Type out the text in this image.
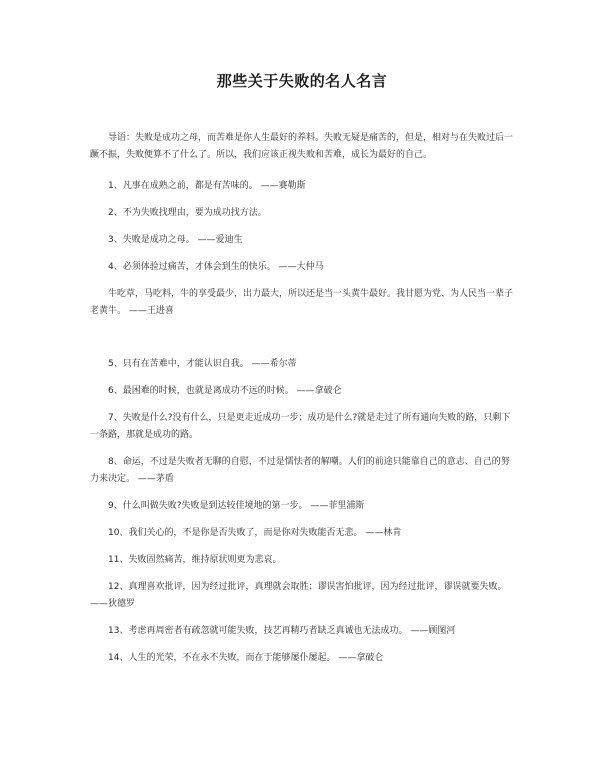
那些关于失败的名人名言

导语：失败是成功之母，而苦难是你人生最好的养料。失败无疑是痛苦的，但是，相对与在失败过后一蹶不振，失败便算不了什么了。所以，我们应该正视失败和苦难，成长为最好的自己。

1、凡事在成熟之前，都是有苦味的。 ——赛勒斯

2、不为失败找理由，要为成功找方法。

3、失败是成功之母。 ——爱迪生

4、必须体验过痛苦，才体会到生的快乐。 ——大仲马

牛吃草，马吃料，牛的享受最少，出力最大，所以还是当一头黄牛最好。我甘愿为党、为人民当一辈子老黄牛。 ——王进喜

5、只有在苦难中，才能认识自我。 ——希尔蒂

6、最困难的时候，也就是离成功不远的时候。 ——拿破仑

7、失败是什么?没有什么，只是更走近成功一步；成功是什么?就是走过了所有通向失败的路，只剩下一条路，那就是成功的路。

8、命运，不过是失败者无聊的自慰，不过是懦怯者的解嘲。人们的前途只能靠自己的意志、自己的努力来决定。 ——茅盾

9、什么叫做失败?失败是到达较佳境地的第一步。 ——菲里浦斯

10、我们关心的，不是你是否失败了，而是你对失败能否无悲。 ——林肯

11、失败固然痛苦，维持原状则更为悲哀。

12、真理喜欢批评，因为经过批评，真理就会取胜；谬误害怕批评，因为经过批评，谬误就要失败。 ——狄德罗

13、考虑再周密者有疏忽就可能失败，技艺再精巧者缺乏真诚也无法成功。 ——顾图河

14、人生的光荣，不在永不失败，而在于能够屡仆屡起。 ——拿破仑
